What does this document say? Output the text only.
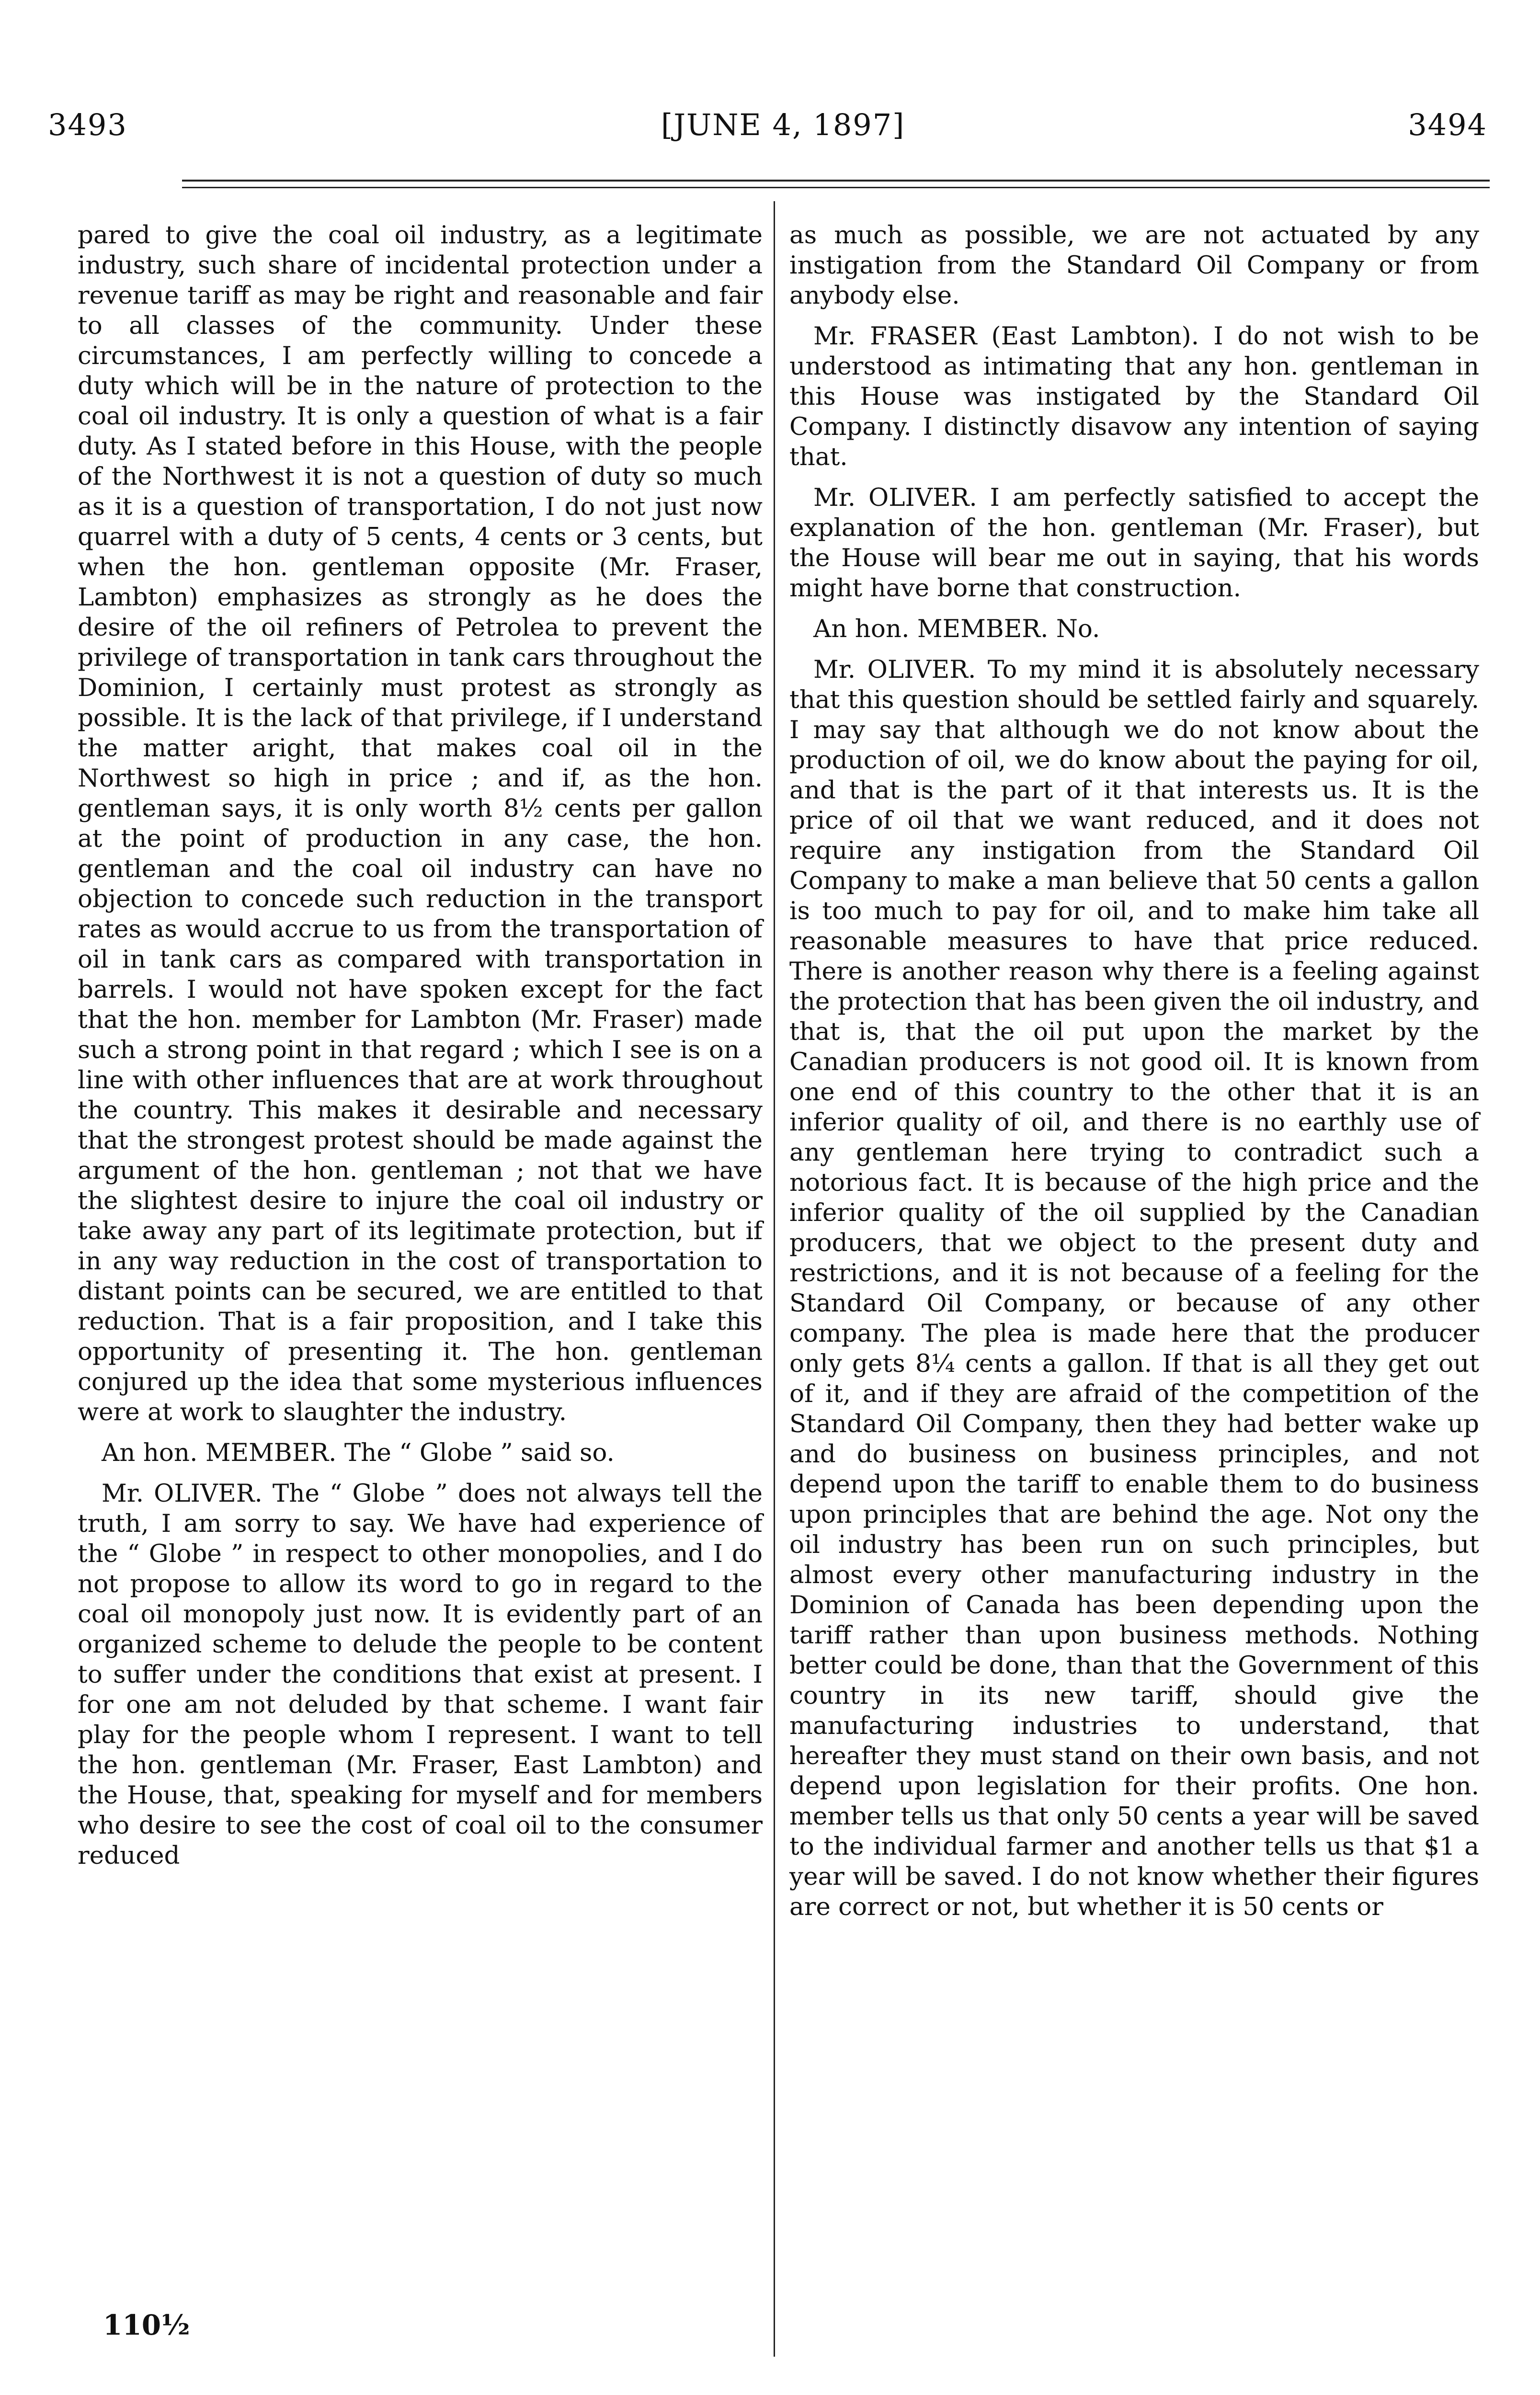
3493	[JUNE 4, 1897]	3494

pared to give the coal oil industry, as a legitimate industry, such share of incidental protection under a revenue tariff as may be right and reasonable and fair to all classes of the community. Under these circumstances, I am perfectly willing to concede a duty which will be in the nature of protection to the coal oil industry. It is only a question of what is a fair duty. As I stated before in this House, with the people of the Northwest it is not a question of duty so much as it is a question of transportation, I do not just now quarrel with a duty of 5 cents, 4 cents or 3 cents, but when the hon. gentleman opposite (Mr. Fraser, Lambton) emphasizes as strongly as he does the desire of the oil refiners of Petrolea to prevent the privilege of transportation in tank cars throughout the Dominion, I certainly must protest as strongly as possible. It is the lack of that privilege, if I understand the matter aright, that makes coal oil in the Northwest so high in price ; and if, as the hon. gentleman says, it is only worth 8½ cents per gallon at the point of production in any case, the hon. gentleman and the coal oil industry can have no objection to concede such reduction in the transport rates as would accrue to us from the transportation of oil in tank cars as compared with transportation in barrels. I would not have spoken except for the fact that the hon. member for Lambton (Mr. Fraser) made such a strong point in that regard ; which I see is on a line with other influences that are at work throughout the country. This makes it desirable and necessary that the strongest protest should be made against the argument of the hon. gentleman ; not that we have the slightest desire to injure the coal oil industry or take away any part of its legitimate protection, but if in any way reduction in the cost of transportation to distant points can be secured, we are entitled to that reduction. That is a fair proposition, and I take this opportunity of presenting it. The hon. gentleman conjured up the idea that some mysterious influences were at work to slaughter the industry.

An hon. MEMBER. The “ Globe ” said so.

Mr. OLIVER. The “ Globe ” does not always tell the truth, I am sorry to say. We have had experience of the “ Globe ” in respect to other monopolies, and I do not propose to allow its word to go in regard to the coal oil monopoly just now. It is evidently part of an organized scheme to delude the people to be content to suffer under the conditions that exist at present. I for one am not deluded by that scheme. I want fair play for the people whom I represent. I want to tell the hon. gentleman (Mr. Fraser, East Lambton) and the House, that, speaking for myself and for members who desire to see the cost of coal oil to the consumer reduced

as much as possible, we are not actuated by any instigation from the Standard Oil Company or from anybody else.

Mr. FRASER (East Lambton). I do not wish to be understood as intimating that any hon. gentleman in this House was instigated by the Standard Oil Company. I distinctly disavow any intention of saying that.

Mr. OLIVER. I am perfectly satisfied to accept the explanation of the hon. gentleman (Mr. Fraser), but the House will bear me out in saying, that his words might have borne that construction.

An hon. MEMBER. No.

Mr. OLIVER. To my mind it is absolutely necessary that this question should be settled fairly and squarely. I may say that although we do not know about the production of oil, we do know about the paying for oil, and that is the part of it that interests us. It is the price of oil that we want reduced, and it does not require any instigation from the Standard Oil Company to make a man believe that 50 cents a gallon is too much to pay for oil, and to make him take all reasonable measures to have that price reduced. There is another reason why there is a feeling against the protection that has been given the oil industry, and that is, that the oil put upon the market by the Canadian producers is not good oil. It is known from one end of this country to the other that it is an inferior quality of oil, and there is no earthly use of any gentleman here trying to contradict such a notorious fact. It is because of the high price and the inferior quality of the oil supplied by the Canadian producers, that we object to the present duty and restrictions, and it is not because of a feeling for the Standard Oil Company, or because of any other company. The plea is made here that the producer only gets 8¼ cents a gallon. If that is all they get out of it, and if they are afraid of the competition of the Standard Oil Company, then they had better wake up and do business on business principles, and not depend upon the tariff to enable them to do business upon principles that are behind the age. Not ony the oil industry has been run on such principles, but almost every other manufacturing industry in the Dominion of Canada has been depending upon the tariff rather than upon business methods. Nothing better could be done, than that the Government of this country in its new tariff, should give the manufacturing industries to understand, that hereafter they must stand on their own basis, and not depend upon legislation for their profits. One hon. member tells us that only 50 cents a year will be saved to the individual farmer and another tells us that $1 a year will be saved. I do not know whether their figures are correct or not, but whether it is 50 cents or

110½
